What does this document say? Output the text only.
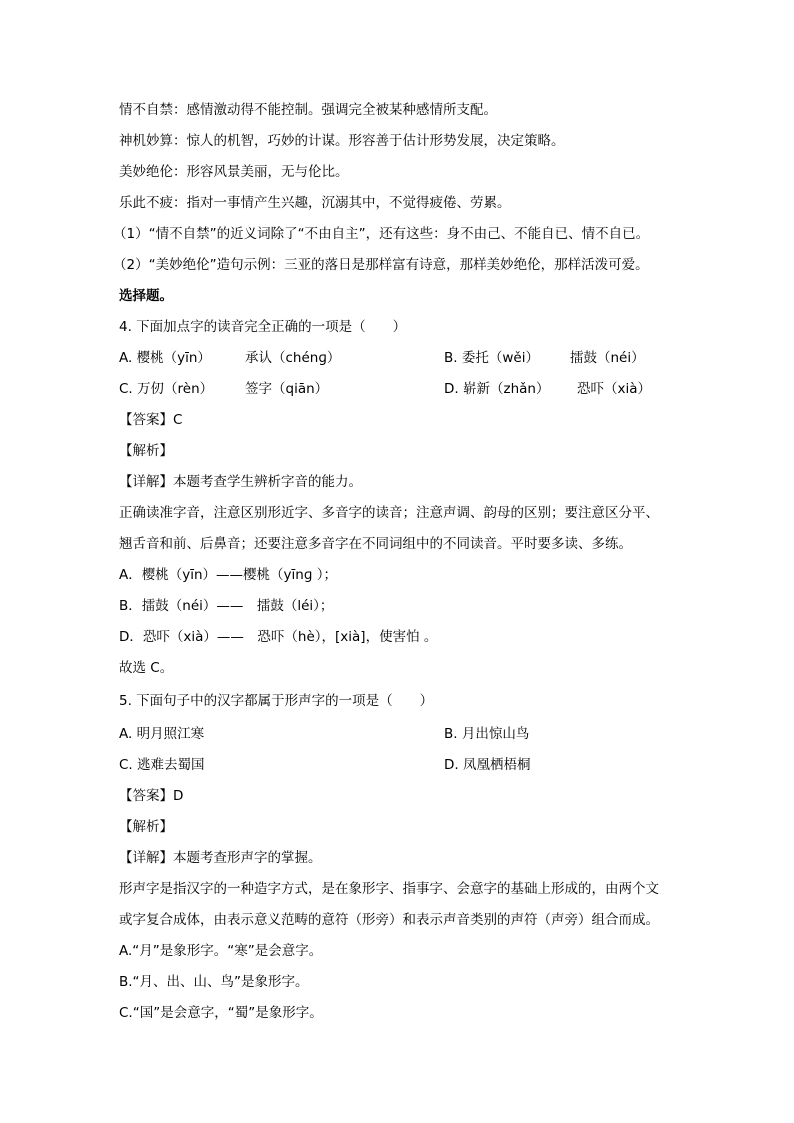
情不自禁：感情激动得不能控制。强调完全被某种感情所支配。
神机妙算：惊人的机智，巧妙的计谋。形容善于估计形势发展，决定策略。
美妙绝伦：形容风景美丽，无与伦比。
乐此不疲：指对一事情产生兴趣，沉溺其中，不觉得疲倦、劳累。
（1）“情不自禁”的近义词除了“不由自主”，还有这些：身不由己、不能自已、情不自已。
（2）“美妙绝伦”造句示例：三亚的落日是那样富有诗意，那样美妙绝伦，那样活泼可爱。
选择题。
4. 下面加点字的读音完全正确的一项是（　　）
A. 樱桃（yīn）	承认（chénɡ）	B. 委托（wěi） 擂鼓（néi）
C. 万仞（rèn） 签字（qiān）	D. 崭新（zhǎn） 恐吓（xià）
【答案】C
【解析】
【详解】本题考查学生辨析字音的能力。
正确读准字音，注意区别形近字、多音字的读音；注意声调、韵母的区别；要注意区分平、
翘舌音和前、后鼻音；还要注意多音字在不同词组中的不同读音。平时要多读、多练。
A．樱桃（yīn）——樱桃（yīnɡ ）；
B．擂鼓（néi）——　擂鼓（léi）；
D．恐吓（xià）——　恐吓（hè），[xià]，使害怕 。
故选 C。
5. 下面句子中的汉字都属于形声字的一项是（　　）
A. 明月照江寒	B. 月出惊山鸟
C. 逃难去蜀国	D. 凤凰栖梧桐
【答案】D
【解析】
【详解】本题考查形声字的掌握。
形声字是指汉字的一种造字方式，是在象形字、指事字、会意字的基础上形成的，由两个文
或字复合成体，由表示意义范畴的意符（形旁）和表示声音类别的声符（声旁）组合而成。
A.“月”是象形字。“寒”是会意字。
B.“月、出、山、鸟”是象形字。
C.“国”是会意字，“蜀”是象形字。
